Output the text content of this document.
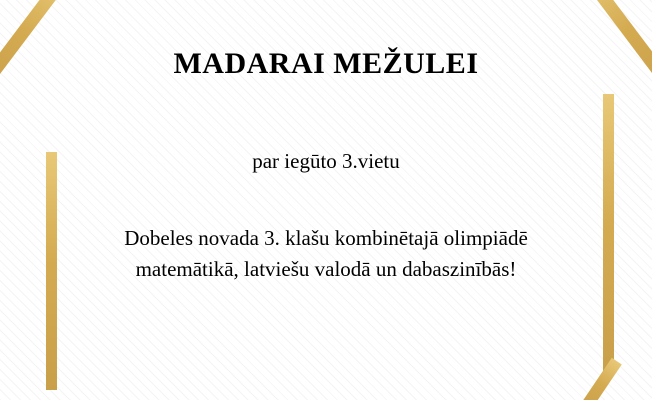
MADARAI MEŽULEI
par iegūto 3.vietu
Dobeles novada 3. klašu kombinētajā olimpiādē matemātikā, latviešu valodā un dabaszinībās!
